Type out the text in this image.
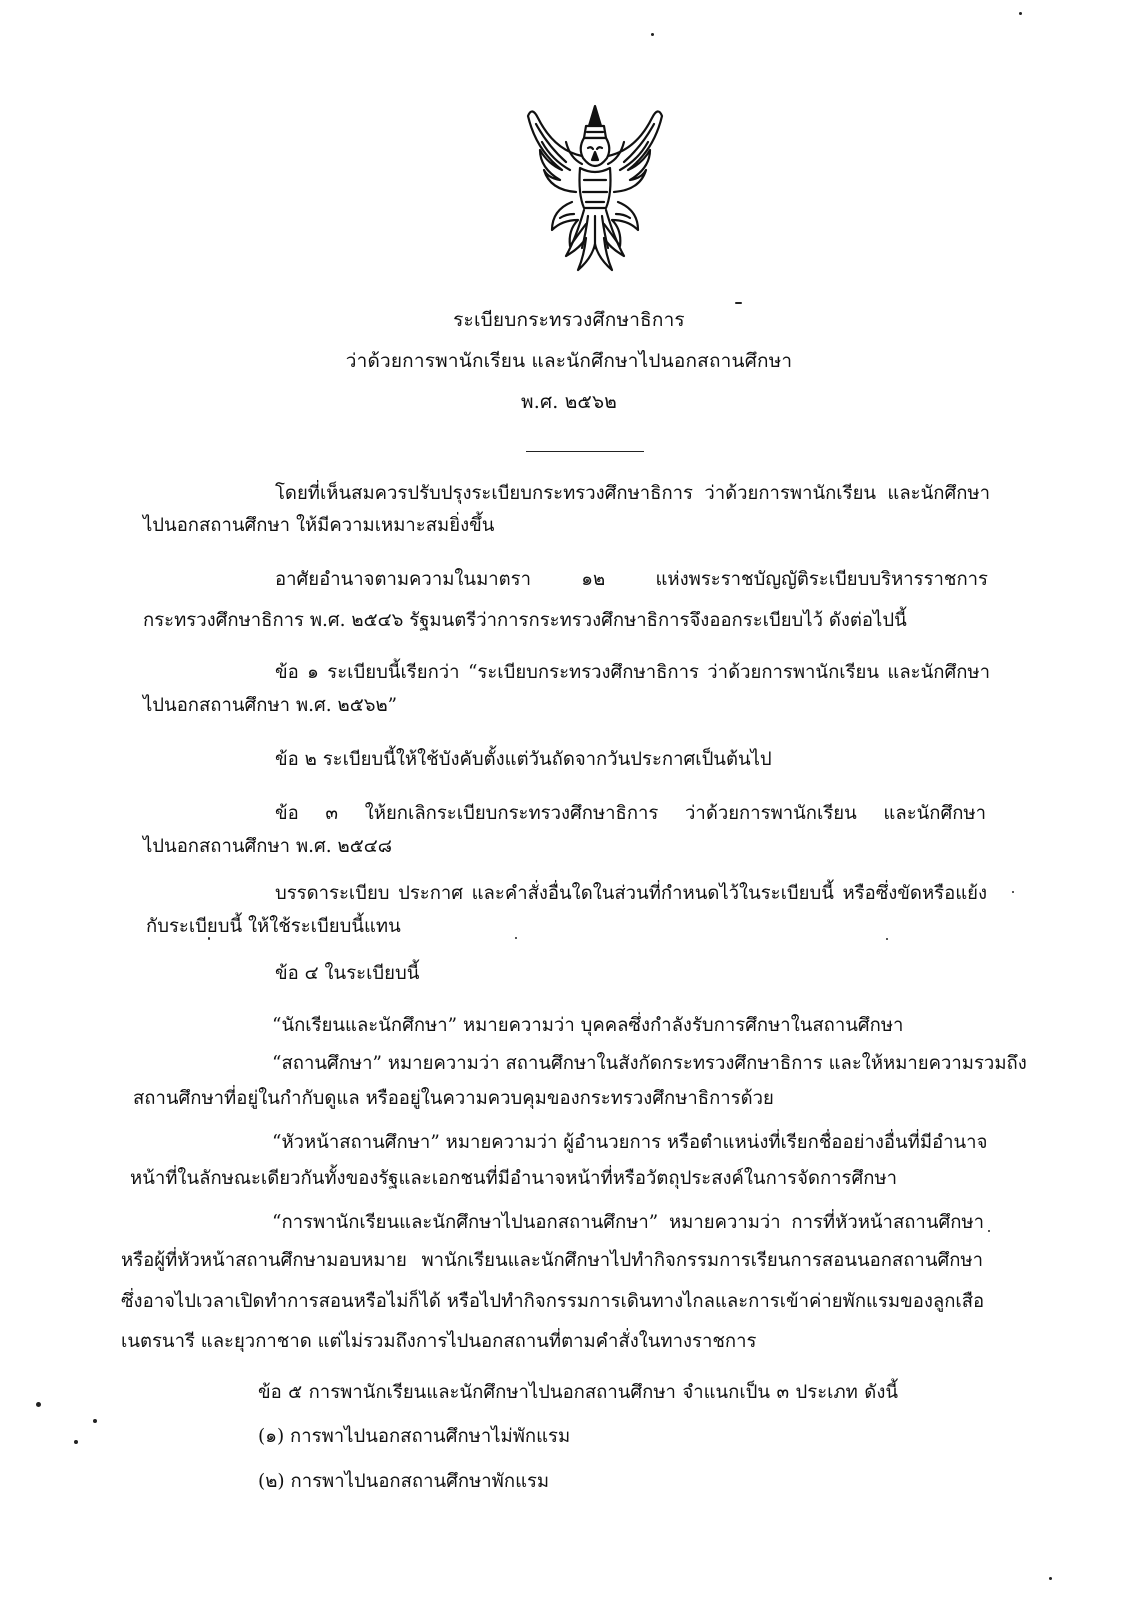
ระเบียบกระทรวงศึกษาธิการ
ว่าด้วยการพานักเรียน และนักศึกษาไปนอกสถานศึกษา
พ.ศ. ๒๕๖๒
โดยที่เห็นสมควรปรับปรุงระเบียบกระทรวงศึกษาธิการ ว่าด้วยการพานักเรียน และนักศึกษา
ไปนอกสถานศึกษา ให้มีความเหมาะสมยิ่งขึ้น
อาศัยอำนาจตามความในมาตรา ๑๒ แห่งพระราชบัญญัติระเบียบบริหารราชการ
กระทรวงศึกษาธิการ พ.ศ. ๒๕๔๖ รัฐมนตรีว่าการกระทรวงศึกษาธิการจึงออกระเบียบไว้ ดังต่อไปนี้
ข้อ ๑ ระเบียบนี้เรียกว่า “ระเบียบกระทรวงศึกษาธิการ ว่าด้วยการพานักเรียน และนักศึกษา
ไปนอกสถานศึกษา พ.ศ. ๒๕๖๒”
ข้อ ๒ ระเบียบนี้ให้ใช้บังคับตั้งแต่วันถัดจากวันประกาศเป็นต้นไป
ข้อ ๓ ให้ยกเลิกระเบียบกระทรวงศึกษาธิการ ว่าด้วยการพานักเรียน และนักศึกษา
ไปนอกสถานศึกษา พ.ศ. ๒๕๔๘
บรรดาระเบียบ ประกาศ และคำสั่งอื่นใดในส่วนที่กำหนดไว้ในระเบียบนี้ หรือซึ่งขัดหรือแย้ง
กับระเบียบนี้ ให้ใช้ระเบียบนี้แทน
ข้อ ๔ ในระเบียบนี้
“นักเรียนและนักศึกษา” หมายความว่า บุคคลซึ่งกำลังรับการศึกษาในสถานศึกษา
“สถานศึกษา” หมายความว่า สถานศึกษาในสังกัดกระทรวงศึกษาธิการ และให้หมายความรวมถึง
สถานศึกษาที่อยู่ในกำกับดูแล หรืออยู่ในความควบคุมของกระทรวงศึกษาธิการด้วย
“หัวหน้าสถานศึกษา” หมายความว่า ผู้อำนวยการ หรือตำแหน่งที่เรียกชื่ออย่างอื่นที่มีอำนาจ
หน้าที่ในลักษณะเดียวกันทั้งของรัฐและเอกชนที่มีอำนาจหน้าที่หรือวัตถุประสงค์ในการจัดการศึกษา
“การพานักเรียนและนักศึกษาไปนอกสถานศึกษา” หมายความว่า การที่หัวหน้าสถานศึกษา
หรือผู้ที่หัวหน้าสถานศึกษามอบหมาย พานักเรียนและนักศึกษาไปทำกิจกรรมการเรียนการสอนนอกสถานศึกษา
ซึ่งอาจไปเวลาเปิดทำการสอนหรือไม่ก็ได้ หรือไปทำกิจกรรมการเดินทางไกลและการเข้าค่ายพักแรมของลูกเสือ
เนตรนารี และยุวกาชาด แต่ไม่รวมถึงการไปนอกสถานที่ตามคำสั่งในทางราชการ
ข้อ ๕ การพานักเรียนและนักศึกษาไปนอกสถานศึกษา จำแนกเป็น ๓ ประเภท ดังนี้
(๑) การพาไปนอกสถานศึกษาไม่พักแรม
(๒) การพาไปนอกสถานศึกษาพักแรม
